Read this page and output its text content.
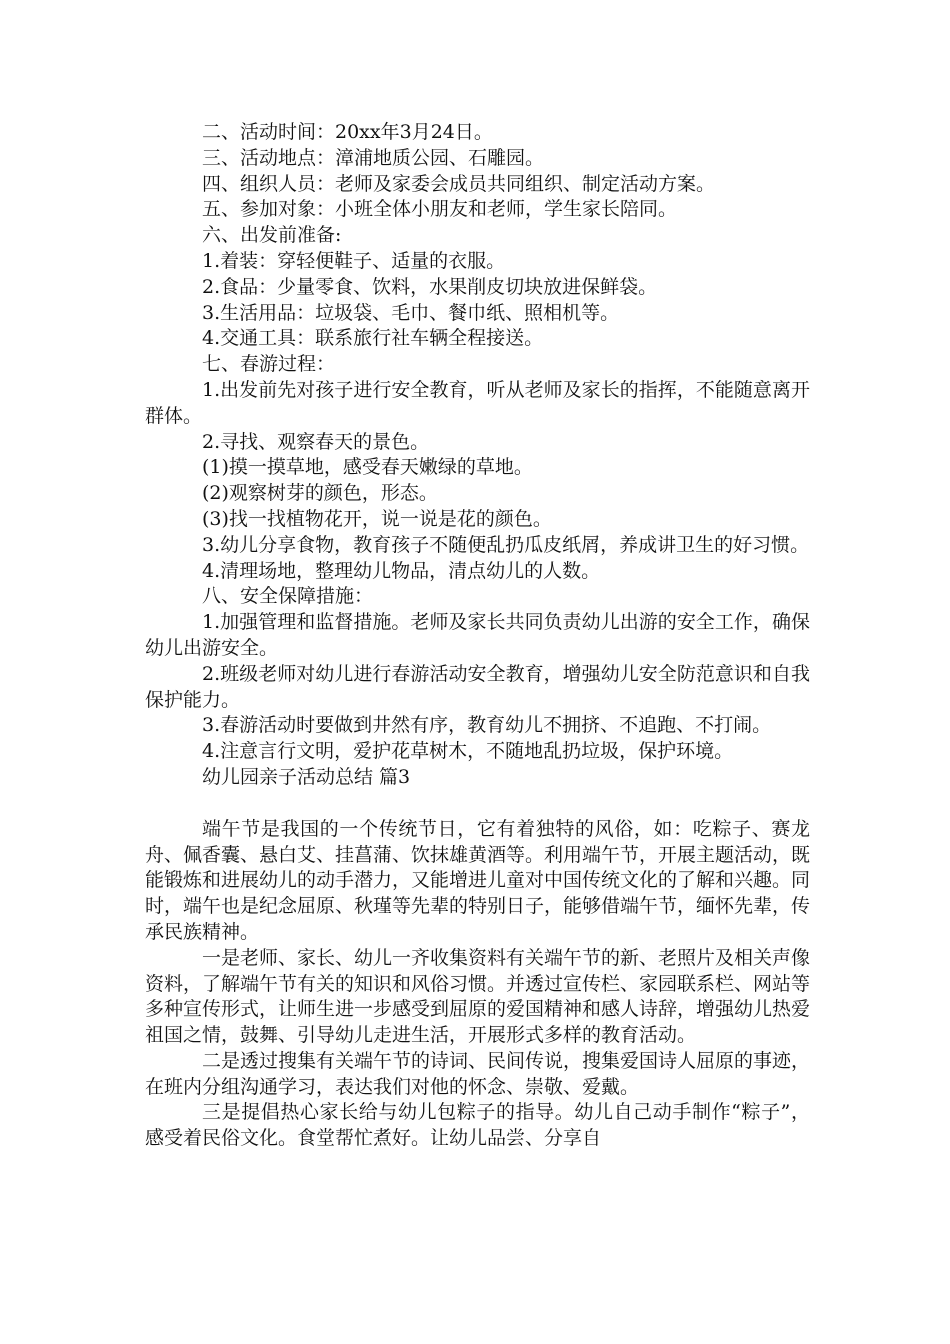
二、活动时间：20xx年3月24日。
三、活动地点：漳浦地质公园、石雕园。
四、组织人员：老师及家委会成员共同组织、制定活动方案。
五、参加对象：小班全体小朋友和老师，学生家长陪同。
六、出发前准备:
1.着装：穿轻便鞋子、适量的衣服。
2.食品：少量零食、饮料，水果削皮切块放进保鲜袋。
3.生活用品：垃圾袋、毛巾、餐巾纸、照相机等。
4.交通工具：联系旅行社车辆全程接送。
七、春游过程：
1.出发前先对孩子进行安全教育，听从老师及家长的指挥，不能随意离开群体。
2.寻找、观察春天的景色。
(1)摸一摸草地，感受春天嫩绿的草地。
(2)观察树芽的颜色，形态。
(3)找一找植物花开，说一说是花的颜色。
3.幼儿分享食物，教育孩子不随便乱扔瓜皮纸屑，养成讲卫生的好习惯。
4.清理场地，整理幼儿物品，清点幼儿的人数。
八、安全保障措施：
1.加强管理和监督措施。老师及家长共同负责幼儿出游的安全工作，确保幼儿出游安全。
2.班级老师对幼儿进行春游活动安全教育，增强幼儿安全防范意识和自我保护能力。
3.春游活动时要做到井然有序，教育幼儿不拥挤、不追跑、不打闹。
4.注意言行文明，爱护花草树木，不随地乱扔垃圾，保护环境。
幼儿园亲子活动总结 篇3
端午节是我国的一个传统节日，它有着独特的风俗，如：吃粽子、赛龙舟、佩香囊、悬白艾、挂菖蒲、饮抹雄黄酒等。利用端午节，开展主题活动，既能锻炼和进展幼儿的动手潜力，又能增进儿童对中国传统文化的了解和兴趣。同时，端午也是纪念屈原、秋瑾等先辈的特别日子，能够借端午节，缅怀先辈，传承民族精神。
一是老师、家长、幼儿一齐收集资料有关端午节的新、老照片及相关声像资料，了解端午节有关的知识和风俗习惯。并透过宣传栏、家园联系栏、网站等多种宣传形式，让师生进一步感受到屈原的爱国精神和感人诗辞，增强幼儿热爱祖国之情，鼓舞、引导幼儿走进生活，开展形式多样的教育活动。
二是透过搜集有关端午节的诗词、民间传说，搜集爱国诗人屈原的事迹，在班内分组沟通学习，表达我们对他的怀念、崇敬、爱戴。
三是提倡热心家长给与幼儿包粽子的指导。幼儿自己动手制作“粽子”，感受着民俗文化。食堂帮忙煮好。让幼儿品尝、分享自
